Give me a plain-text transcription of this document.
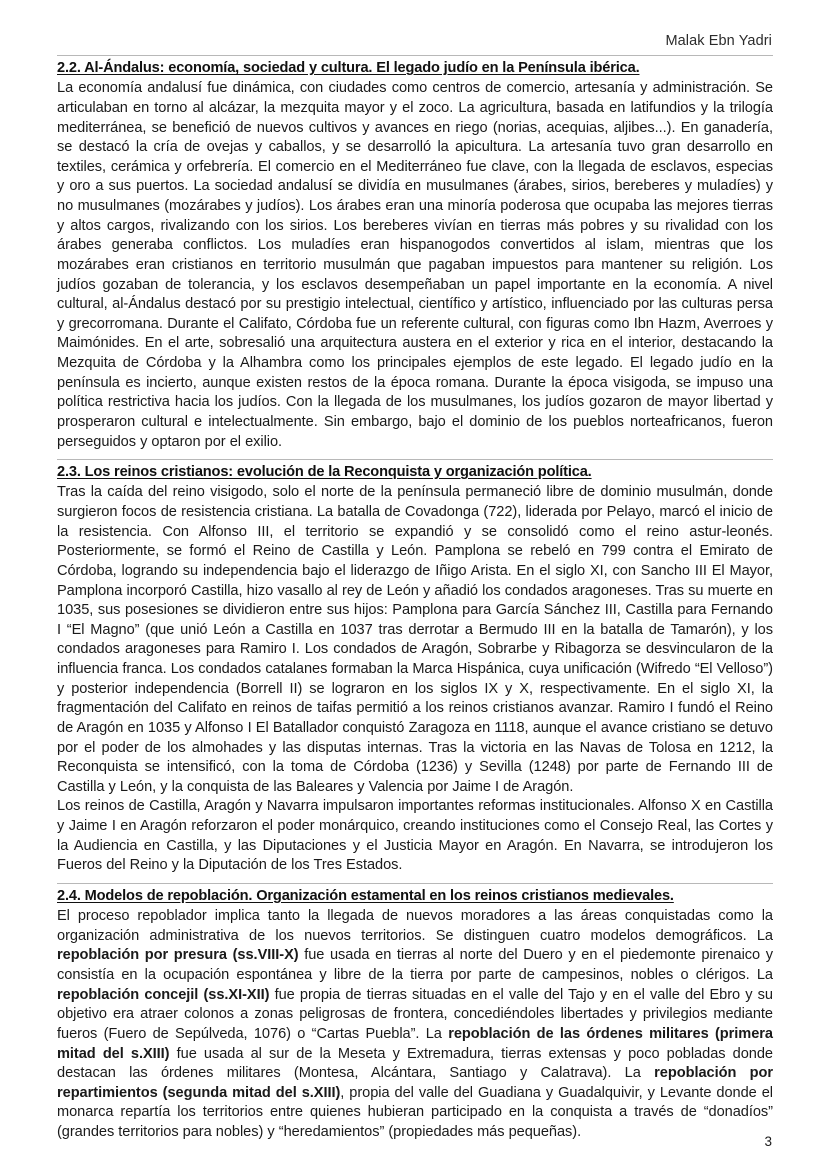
Malak Ebn Yadri
2.2. Al-Ándalus: economía, sociedad y cultura. El legado judío en la Península ibérica.

La economía andalusí fue dinámica, con ciudades como centros de comercio, artesanía y administración. Se articulaban en torno al alcázar, la mezquita mayor y el zoco. La agricultura, basada en latifundios y la trilogía mediterránea, se benefició de nuevos cultivos y avances en riego (norias, acequias, aljibes...). En ganadería, se destacó la cría de ovejas y caballos, y se desarrolló la apicultura. La artesanía tuvo gran desarrollo en textiles, cerámica y orfebrería. El comercio en el Mediterráneo fue clave, con la llegada de esclavos, especias y oro a sus puertos. La sociedad andalusí se dividía en musulmanes (árabes, sirios, bereberes y muladíes) y no musulmanes (mozárabes y judíos). Los árabes eran una minoría poderosa que ocupaba las mejores tierras y altos cargos, rivalizando con los sirios. Los bereberes vivían en tierras más pobres y su rivalidad con los árabes generaba conflictos. Los muladíes eran hispanogodos convertidos al islam, mientras que los mozárabes eran cristianos en territorio musulmán que pagaban impuestos para mantener su religión. Los judíos gozaban de tolerancia, y los esclavos desempeñaban un papel importante en la economía. A nivel cultural, al-Ándalus destacó por su prestigio intelectual, científico y artístico, influenciado por las culturas persa y grecorromana. Durante el Califato, Córdoba fue un referente cultural, con figuras como Ibn Hazm, Averroes y Maimónides. En el arte, sobresalió una arquitectura austera en el exterior y rica en el interior, destacando la Mezquita de Córdoba y la Alhambra como los principales ejemplos de este legado. El legado judío en la península es incierto, aunque existen restos de la época romana. Durante la época visigoda, se impuso una política restrictiva hacia los judíos. Con la llegada de los musulmanes, los judíos gozaron de mayor libertad y prosperaron cultural e intelectualmente. Sin embargo, bajo el dominio de los pueblos norteafricanos, fueron perseguidos y optaron por el exilio.

2.3. Los reinos cristianos: evolución de la Reconquista y organización política.

Tras la caída del reino visigodo, solo el norte de la península permaneció libre de dominio musulmán, donde surgieron focos de resistencia cristiana. La batalla de Covadonga (722), liderada por Pelayo, marcó el inicio de la resistencia. Con Alfonso III, el territorio se expandió y se consolidó como el reino astur-leonés. Posteriormente, se formó el Reino de Castilla y León. Pamplona se rebeló en 799 contra el Emirato de Córdoba, logrando su independencia bajo el liderazgo de Iñigo Arista. En el siglo XI, con Sancho III El Mayor, Pamplona incorporó Castilla, hizo vasallo al rey de León y añadió los condados aragoneses. Tras su muerte en 1035, sus posesiones se dividieron entre sus hijos: Pamplona para García Sánchez III, Castilla para Fernando I “El Magno” (que unió León a Castilla en 1037 tras derrotar a Bermudo III en la batalla de Tamarón), y los condados aragoneses para Ramiro I. Los condados de Aragón, Sobrarbe y Ribagorza se desvincularon de la influencia franca. Los condados catalanes formaban la Marca Hispánica, cuya unificación (Wifredo “El Velloso”) y posterior independencia (Borrell II) se lograron en los siglos IX y X, respectivamente. En el siglo XI, la fragmentación del Califato en reinos de taifas permitió a los reinos cristianos avanzar. Ramiro I fundó el Reino de Aragón en 1035 y Alfonso I El Batallador conquistó Zaragoza en 1118, aunque el avance cristiano se detuvo por el poder de los almohades y las disputas internas. Tras la victoria en las Navas de Tolosa en 1212, la Reconquista se intensificó, con la toma de Córdoba (1236) y Sevilla (1248) por parte de Fernando III de Castilla y León, y la conquista de las Baleares y Valencia por Jaime I de Aragón.

Los reinos de Castilla, Aragón y Navarra impulsaron importantes reformas institucionales. Alfonso X en Castilla y Jaime I en Aragón reforzaron el poder monárquico, creando instituciones como el Consejo Real, las Cortes y la Audiencia en Castilla, y las Diputaciones y el Justicia Mayor en Aragón. En Navarra, se introdujeron los Fueros del Reino y la Diputación de los Tres Estados.

2.4. Modelos de repoblación. Organización estamental en los reinos cristianos medievales.

El proceso repoblador implica tanto la llegada de nuevos moradores a las áreas conquistadas como la organización administrativa de los nuevos territorios. Se distinguen cuatro modelos demográficos. La repoblación por presura (ss.VIII-X) fue usada en tierras al norte del Duero y en el piedemonte pirenaico y consistía en la ocupación espontánea y libre de la tierra por parte de campesinos, nobles o clérigos. La repoblación concejil (ss.XI-XII) fue propia de tierras situadas en el valle del Tajo y en el valle del Ebro y su objetivo era atraer colonos a zonas peligrosas de frontera, concediéndoles libertades y privilegios mediante fueros (Fuero de Sepúlveda, 1076) o “Cartas Puebla”. La repoblación de las órdenes militares (primera mitad del s.XIII) fue usada al sur de la Meseta y Extremadura, tierras extensas y poco pobladas donde destacan las órdenes militares (Montesa, Alcántara, Santiago y Calatrava). La repoblación por repartimientos (segunda mitad del s.XIII), propia del valle del Guadiana y Guadalquivir, y Levante donde el monarca repartía los territorios entre quienes hubieran participado en la conquista a través de “donadíos” (grandes territorios para nobles) y “heredamientos” (propiedades más pequeñas).

3
